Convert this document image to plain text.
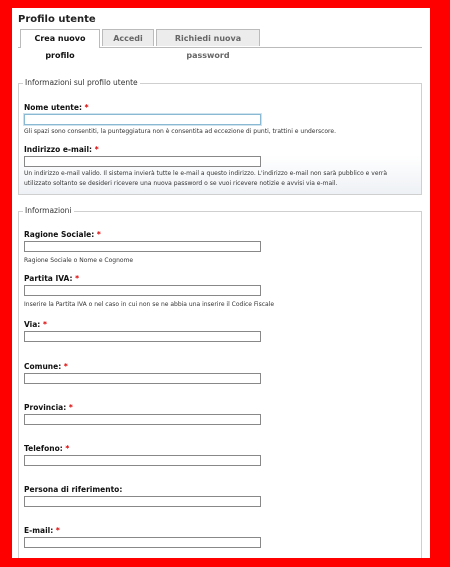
Profilo utente
Crea nuovo profilo
Accedi	Richiedi nuova password
Informazioni sul profilo utente
Nome utente: *
Gli spazi sono consentiti, la punteggiatura non è consentita ad eccezione di punti, trattini e underscore.
Indirizzo e-mail: *
Un indirizzo e-mail valido. Il sistema invierà tutte le e-mail a questo indirizzo. L'indirizzo e-mail non sarà pubblico e verrà utilizzato soltanto se desideri ricevere una nuova password o se vuoi ricevere notizie e avvisi via e-mail.
Informazioni
Ragione Sociale: *
Ragione Sociale o Nome e Cognome
Partita IVA: *
Inserire la Partita IVA o nel caso in cui non se ne abbia una inserire il Codice Fiscale
Via: *
Comune: *
Provincia: *
Telefono: *
Persona di riferimento:
E-mail: *
